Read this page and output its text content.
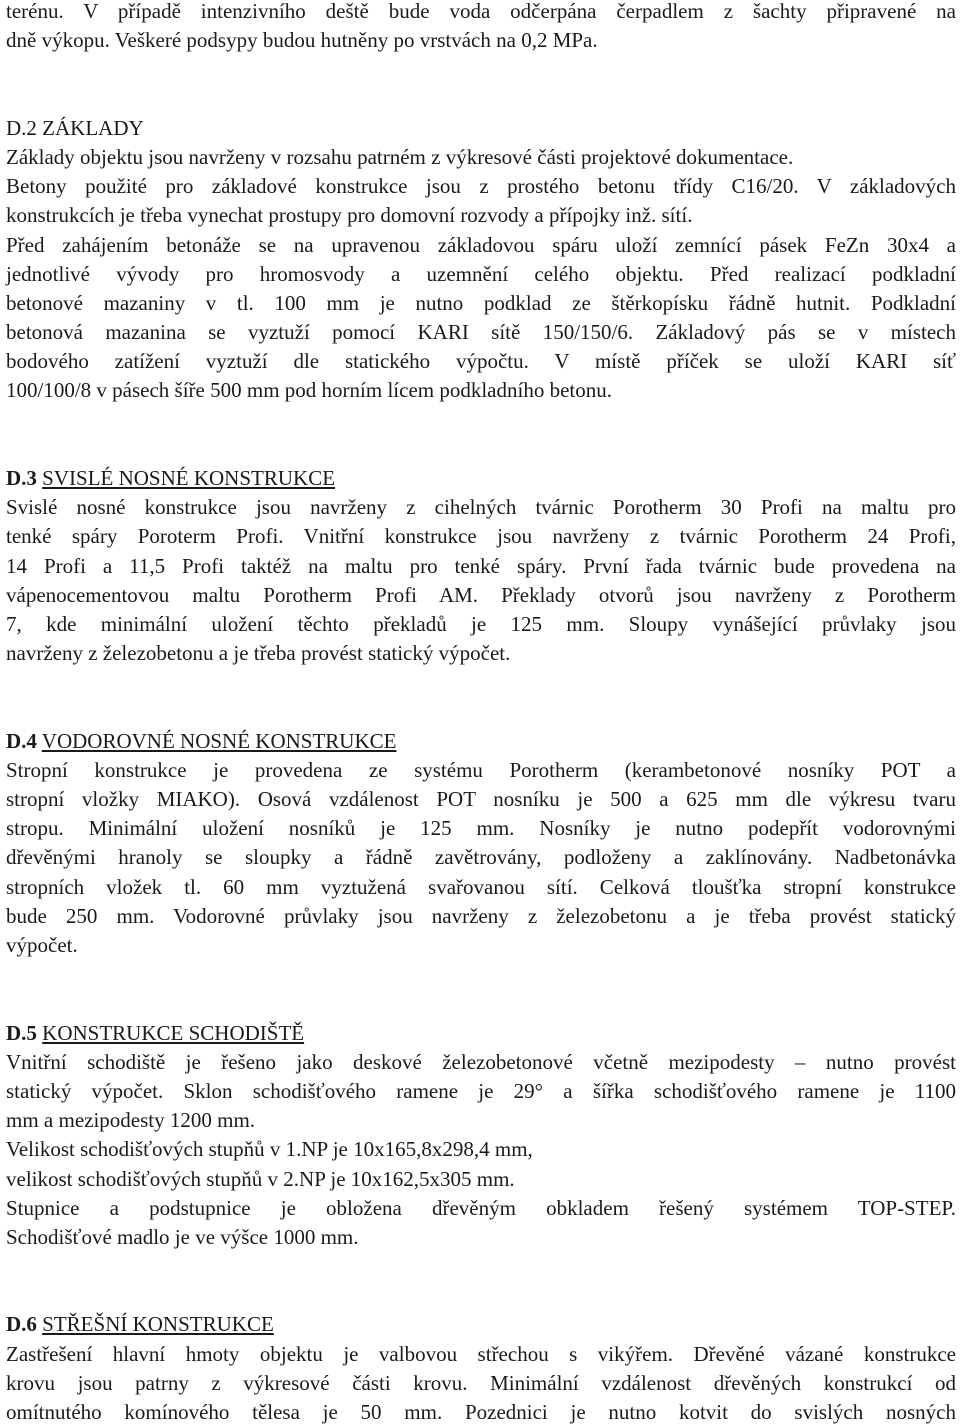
terénu. V případě intenzivního deště bude voda odčerpána čerpadlem z šachty připravené na

dně výkopu. Veškeré podsypy budou hutněny po vrstvách na 0,2 MPa.

D.2 ZÁKLADY

Základy objektu jsou navrženy v rozsahu patrném z výkresové části projektové dokumentace.

Betony použité pro základové konstrukce jsou z prostého betonu třídy C16/20. V základových

konstrukcích je třeba vynechat prostupy pro domovní rozvody a přípojky inž. sítí.

Před zahájením betonáže se na upravenou základovou spáru uloží zemnící pásek FeZn 30x4 a

jednotlivé vývody pro hromosvody a uzemnění celého objektu. Před realizací podkladní

betonové mazaniny v tl. 100 mm je nutno podklad ze štěrkopísku řádně hutnit. Podkladní

betonová mazanina se vyztuží pomocí KARI sítě 150/150/6. Základový pás se v místech

bodového zatížení vyztuží dle statického výpočtu. V místě příček se uloží KARI síť

100/100/8 v pásech šíře 500 mm pod horním lícem podkladního betonu.

D.3 SVISLÉ NOSNÉ KONSTRUKCE

Svislé nosné konstrukce jsou navrženy z cihelných tvárnic Porotherm 30 Profi na maltu pro

tenké spáry Poroterm Profi. Vnitřní konstrukce jsou navrženy z tvárnic Porotherm 24 Profi,

14 Profi a 11,5 Profi taktéž na maltu pro tenké spáry. První řada tvárnic bude provedena na

vápenocementovou maltu Porotherm Profi AM. Překlady otvorů jsou navrženy z Porotherm

7, kde minimální uložení těchto překladů je 125 mm. Sloupy vynášející průvlaky jsou

navrženy z železobetonu a je třeba provést statický výpočet.

D.4 VODOROVNÉ NOSNÉ KONSTRUKCE

Stropní konstrukce je provedena ze systému Porotherm (kerambetonové nosníky POT a

stropní vložky MIAKO). Osová vzdálenost POT nosníku je 500 a 625 mm dle výkresu tvaru

stropu. Minimální uložení nosníků je 125 mm. Nosníky je nutno podepřít vodorovnými

dřevěnými hranoly se sloupky a řádně zavětrovány, podloženy a zaklínovány. Nadbetonávka

stropních vložek tl. 60 mm vyztužená svařovanou sítí. Celková tloušťka stropní konstrukce

bude 250 mm. Vodorovné průvlaky jsou navrženy z železobetonu a je třeba provést statický

výpočet.

D.5 KONSTRUKCE SCHODIŠTĚ

Vnitřní schodiště je řešeno jako deskové železobetonové včetně mezipodesty – nutno provést

statický výpočet. Sklon schodišťového ramene je 29° a šířka schodišťového ramene je 1100

mm a mezipodesty 1200 mm.

Velikost schodišťových stupňů v 1.NP je 10x165,8x298,4 mm,

velikost schodišťových stupňů v 2.NP je 10x162,5x305 mm.

Stupnice a podstupnice je obložena dřevěným obkladem řešený systémem TOP-STEP.

Schodišťové madlo je ve výšce 1000 mm.

D.6 STŘEŠNÍ KONSTRUKCE

Zastřešení hlavní hmoty objektu je valbovou střechou s vikýřem. Dřevěné vázané konstrukce

krovu jsou patrny z výkresové části krovu. Minimální vzdálenost dřevěných konstrukcí od

omítnutého komínového tělesa je 50 mm. Pozednici je nutno kotvit do svislých nosných
